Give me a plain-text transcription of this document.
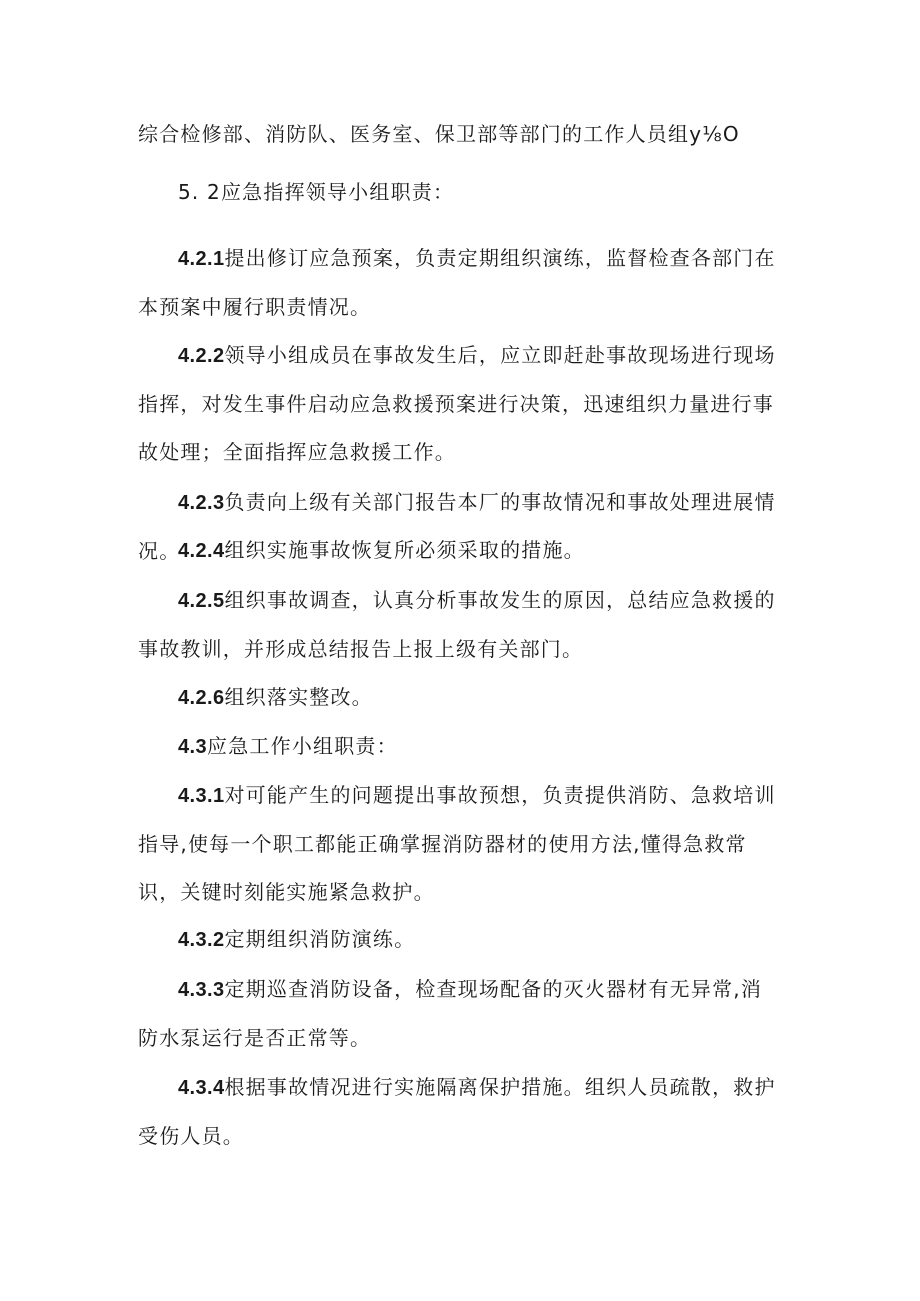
综合检修部、消防队、医务室、保卫部等部门的工作人员组y⅛O

5. 2应急指挥领导小组职责：

4.2.1提出修订应急预案，负责定期组织演练，监督检查各部门在本预案中履行职责情况。

4.2.2领导小组成员在事故发生后，应立即赶赴事故现场进行现场指挥，对发生事件启动应急救援预案进行决策，迅速组织力量进行事故处理；全面指挥应急救援工作。

4.2.3负责向上级有关部门报告本厂的事故情况和事故处理进展情况。

4.2.4组织实施事故恢复所必须采取的措施。

4.2.5组织事故调查，认真分析事故发生的原因，总结应急救援的事故教训，并形成总结报告上报上级有关部门。

4.2.6组织落实整改。

4.3应急工作小组职责：

4.3.1对可能产生的问题提出事故预想，负责提供消防、急救培训指导,使每一个职工都能正确掌握消防器材的使用方法,懂得急救常识，关键时刻能实施紧急救护。

4.3.2定期组织消防演练。

4.3.3定期巡查消防设备，检查现场配备的灭火器材有无异常,消防水泵运行是否正常等。

4.3.4根据事故情况进行实施隔离保护措施。组织人员疏散，救护受伤人员。
